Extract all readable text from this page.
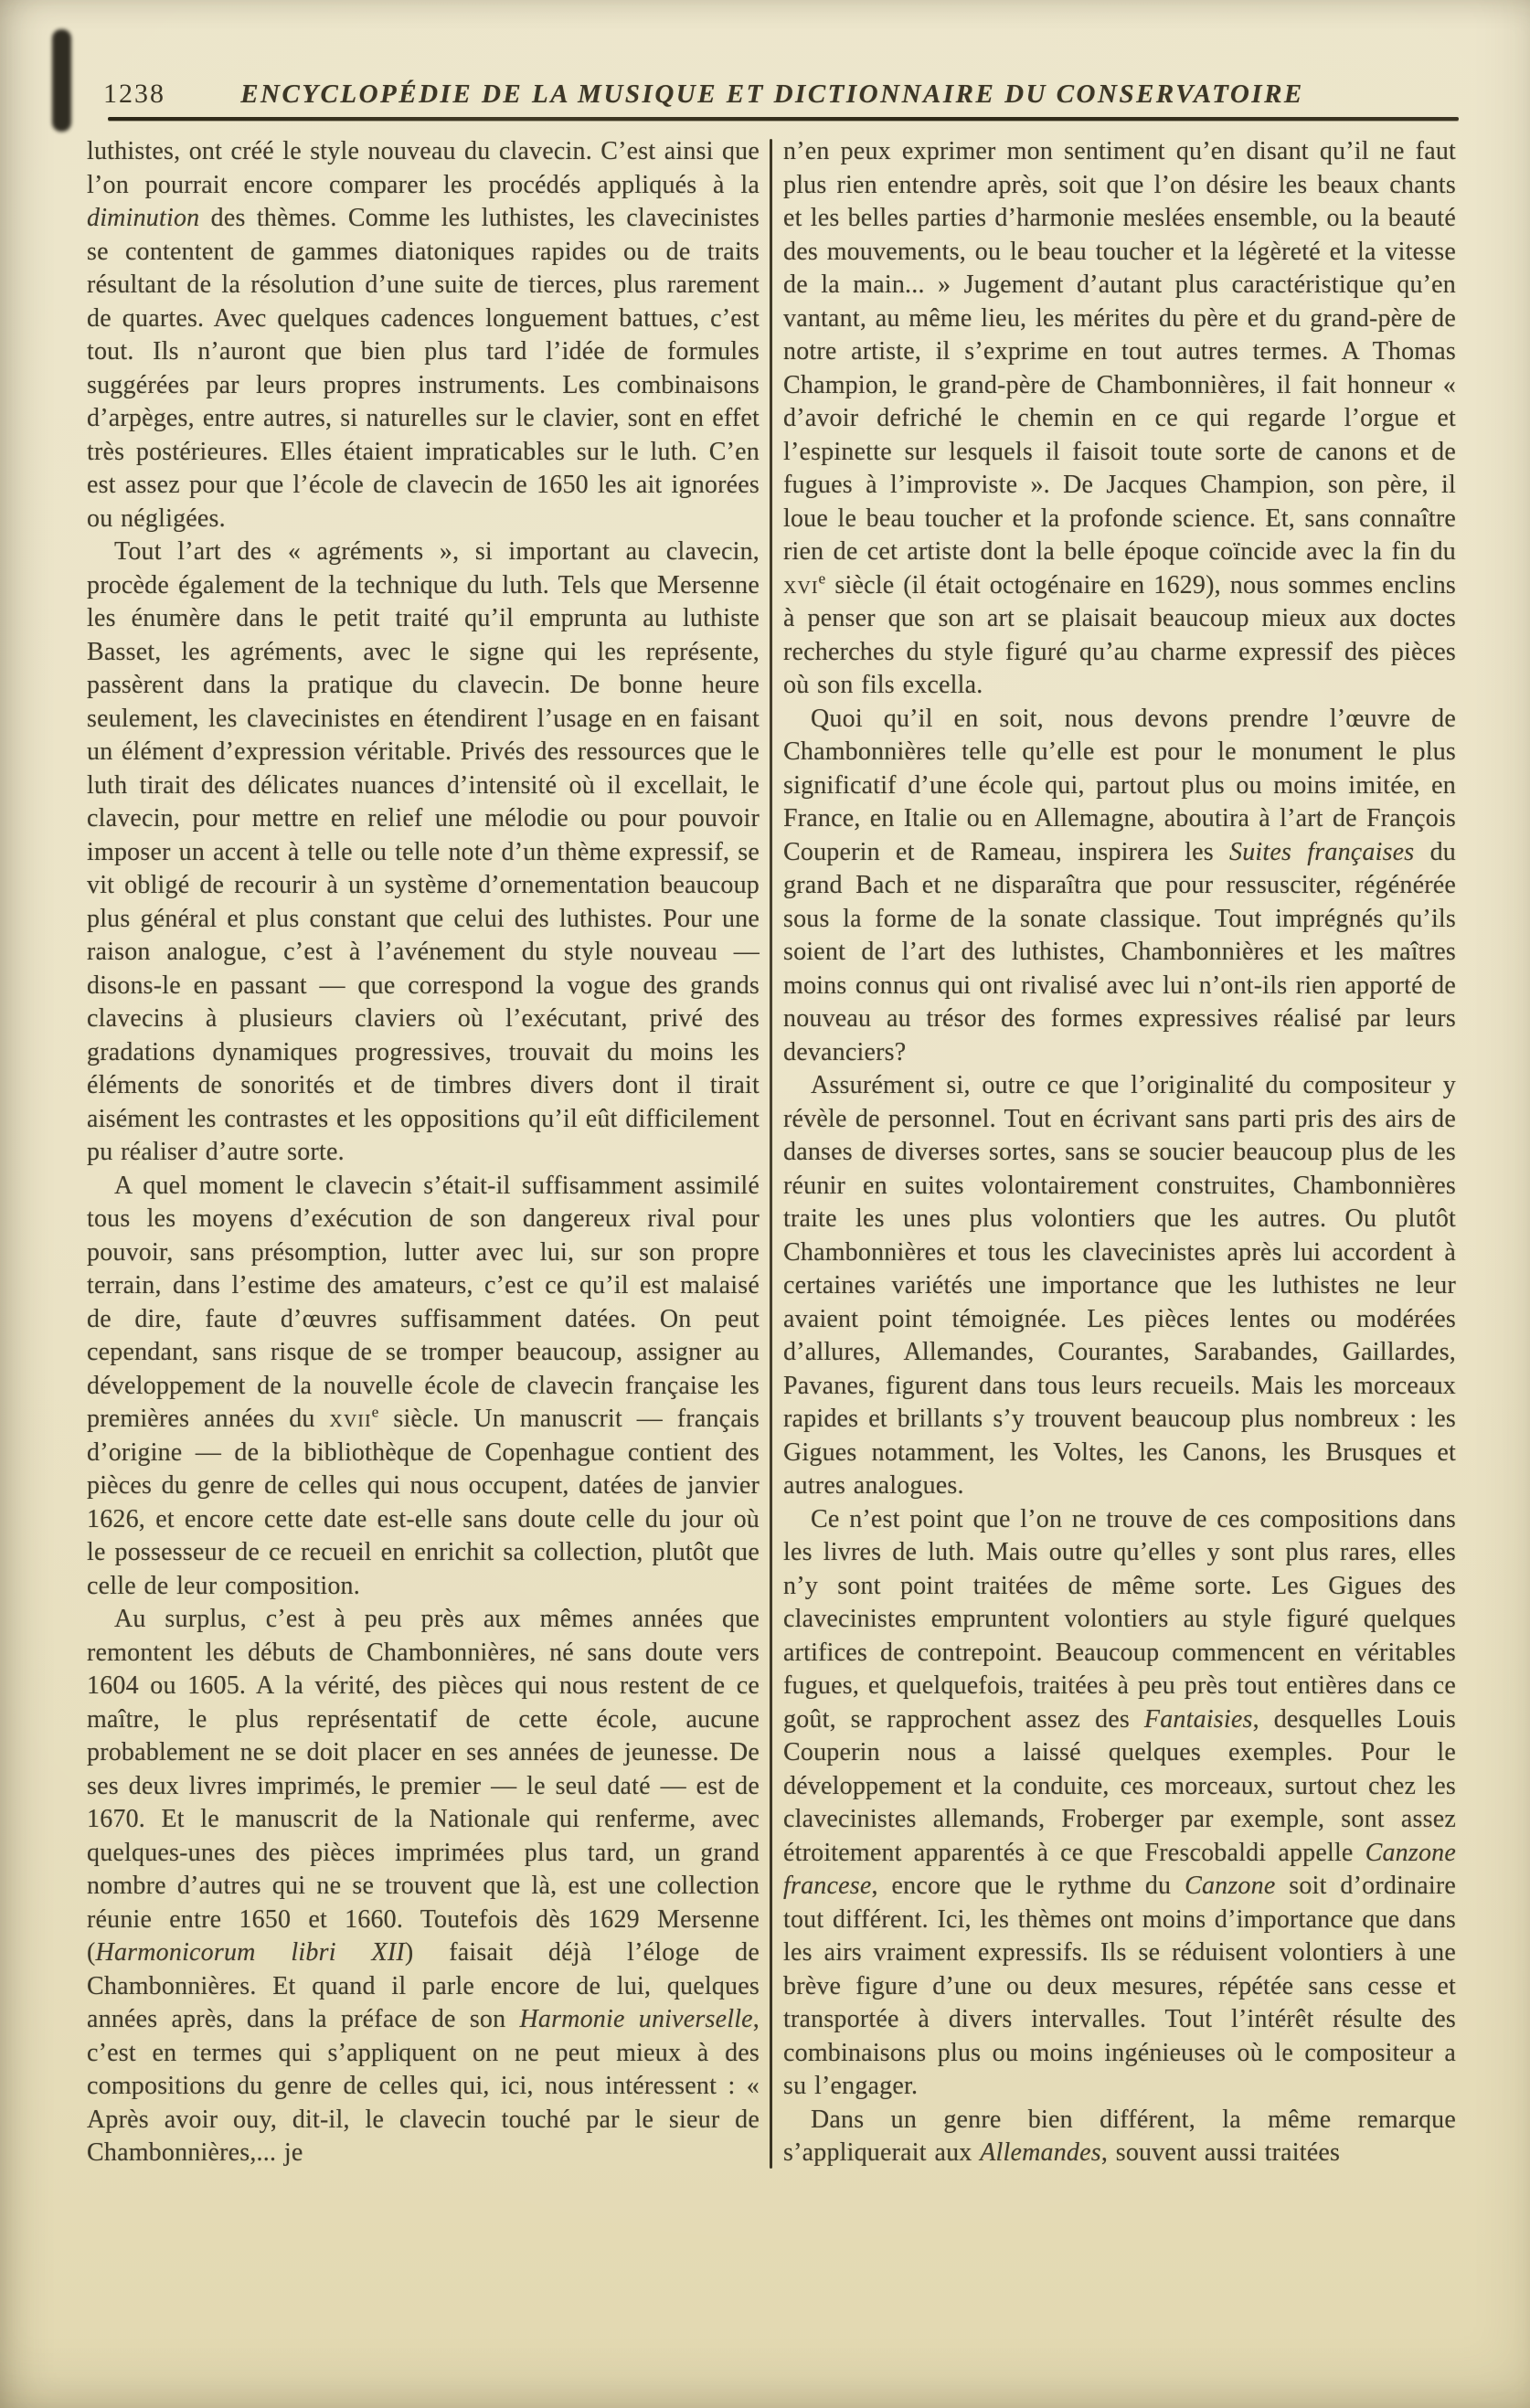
1238	ENCYCLOPÉDIE DE LA MUSIQUE ET DICTIONNAIRE DU CONSERVATOIRE

luthistes, ont créé le style nouveau du clavecin. C’est ainsi que l’on pourrait encore comparer les procédés appliqués à la diminution des thèmes. Comme les luthistes, les clavecinistes se contentent de gammes diatoniques rapides ou de traits résultant de la résolution d’une suite de tierces, plus rarement de quartes. Avec quelques cadences longuement battues, c’est tout. Ils n’auront que bien plus tard l’idée de formules suggérées par leurs propres instruments. Les combinaisons d’arpèges, entre autres, si naturelles sur le clavier, sont en effet très postérieures. Elles étaient impraticables sur le luth. C’en est assez pour que l’école de clavecin de 1650 les ait ignorées ou négligées.

Tout l’art des « agréments », si important au clavecin, procède également de la technique du luth. Tels que Mersenne les énumère dans le petit traité qu’il emprunta au luthiste Basset, les agréments, avec le signe qui les représente, passèrent dans la pratique du clavecin. De bonne heure seulement, les clavecinistes en étendirent l’usage en en faisant un élément d’expression véritable. Privés des ressources que le luth tirait des délicates nuances d’intensité où il excellait, le clavecin, pour mettre en relief une mélodie ou pour pouvoir imposer un accent à telle ou telle note d’un thème expressif, se vit obligé de recourir à un système d’ornementation beaucoup plus général et plus constant que celui des luthistes. Pour une raison analogue, c’est à l’avénement du style nouveau — disons-le en passant — que correspond la vogue des grands clavecins à plusieurs claviers où l’exécutant, privé des gradations dynamiques progressives, trouvait du moins les éléments de sonorités et de timbres divers dont il tirait aisément les contrastes et les oppositions qu’il eût difficilement pu réaliser d’autre sorte.

A quel moment le clavecin s’était-il suffisamment assimilé tous les moyens d’exécution de son dangereux rival pour pouvoir, sans présomption, lutter avec lui, sur son propre terrain, dans l’estime des amateurs, c’est ce qu’il est malaisé de dire, faute d’œuvres suffisamment datées. On peut cependant, sans risque de se tromper beaucoup, assigner au développement de la nouvelle école de clavecin française les premières années du xvii$^e$ siècle. Un manuscrit — français d’origine — de la bibliothèque de Copenhague contient des pièces du genre de celles qui nous occupent, datées de janvier 1626, et encore cette date est-elle sans doute celle du jour où le possesseur de ce recueil en enrichit sa collection, plutôt que celle de leur composition.

Au surplus, c’est à peu près aux mêmes années que remontent les débuts de Chambonnières, né sans doute vers 1604 ou 1605. A la vérité, des pièces qui nous restent de ce maître, le plus représentatif de cette école, aucune probablement ne se doit placer en ses années de jeunesse. De ses deux livres imprimés, le premier — le seul daté — est de 1670. Et le manuscrit de la Nationale qui renferme, avec quelques-unes des pièces imprimées plus tard, un grand nombre d’autres qui ne se trouvent que là, est une collection réunie entre 1650 et 1660. Toutefois dès 1629 Mersenne (Harmonicorum libri XII) faisait déjà l’éloge de Chambonnières. Et quand il parle encore de lui, quelques années après, dans la préface de son Harmonie universelle, c’est en termes qui s’appliquent on ne peut mieux à des compositions du genre de celles qui, ici, nous intéressent : « Après avoir ouy, dit-il, le clavecin touché par le sieur de Chambonnières,... je

n’en peux exprimer mon sentiment qu’en disant qu’il ne faut plus rien entendre après, soit que l’on désire les beaux chants et les belles parties d’harmonie meslées ensemble, ou la beauté des mouvements, ou le beau toucher et la légèreté et la vitesse de la main... » Jugement d’autant plus caractéristique qu’en vantant, au même lieu, les mérites du père et du grand-père de notre artiste, il s’exprime en tout autres termes. A Thomas Champion, le grand-père de Chambonnières, il fait honneur « d’avoir defriché le chemin en ce qui regarde l’orgue et l’espinette sur lesquels il faisoit toute sorte de canons et de fugues à l’improviste ». De Jacques Champion, son père, il loue le beau toucher et la profonde science. Et, sans connaître rien de cet artiste dont la belle époque coïncide avec la fin du xvi$^e$ siècle (il était octogénaire en 1629), nous sommes enclins à penser que son art se plaisait beaucoup mieux aux doctes recherches du style figuré qu’au charme expressif des pièces où son fils excella.

Quoi qu’il en soit, nous devons prendre l’œuvre de Chambonnières telle qu’elle est pour le monument le plus significatif d’une école qui, partout plus ou moins imitée, en France, en Italie ou en Allemagne, aboutira à l’art de François Couperin et de Rameau, inspirera les Suites françaises du grand Bach et ne disparaîtra que pour ressusciter, régénérée sous la forme de la sonate classique. Tout imprégnés qu’ils soient de l’art des luthistes, Chambonnières et les maîtres moins connus qui ont rivalisé avec lui n’ont-ils rien apporté de nouveau au trésor des formes expressives réalisé par leurs devanciers?

Assurément si, outre ce que l’originalité du compositeur y révèle de personnel. Tout en écrivant sans parti pris des airs de danses de diverses sortes, sans se soucier beaucoup plus de les réunir en suites volontairement construites, Chambonnières traite les unes plus volontiers que les autres. Ou plutôt Chambonnières et tous les clavecinistes après lui accordent à certaines variétés une importance que les luthistes ne leur avaient point témoignée. Les pièces lentes ou modérées d’allures, Allemandes, Courantes, Sarabandes, Gaillardes, Pavanes, figurent dans tous leurs recueils. Mais les morceaux rapides et brillants s’y trouvent beaucoup plus nombreux : les Gigues notamment, les Voltes, les Canons, les Brusques et autres analogues.

Ce n’est point que l’on ne trouve de ces compositions dans les livres de luth. Mais outre qu’elles y sont plus rares, elles n’y sont point traitées de même sorte. Les Gigues des clavecinistes empruntent volontiers au style figuré quelques artifices de contrepoint. Beaucoup commencent en véritables fugues, et quelquefois, traitées à peu près tout entières dans ce goût, se rapprochent assez des Fantaisies, desquelles Louis Couperin nous a laissé quelques exemples. Pour le développement et la conduite, ces morceaux, surtout chez les clavecinistes allemands, Froberger par exemple, sont assez étroitement apparentés à ce que Frescobaldi appelle Canzone francese, encore que le rythme du Canzone soit d’ordinaire tout différent. Ici, les thèmes ont moins d’importance que dans les airs vraiment expressifs. Ils se réduisent volontiers à une brève figure d’une ou deux mesures, répétée sans cesse et transportée à divers intervalles. Tout l’intérêt résulte des combinaisons plus ou moins ingénieuses où le compositeur a su l’engager.

Dans un genre bien différent, la même remarque s’appliquerait aux Allemandes, souvent aussi traitées
